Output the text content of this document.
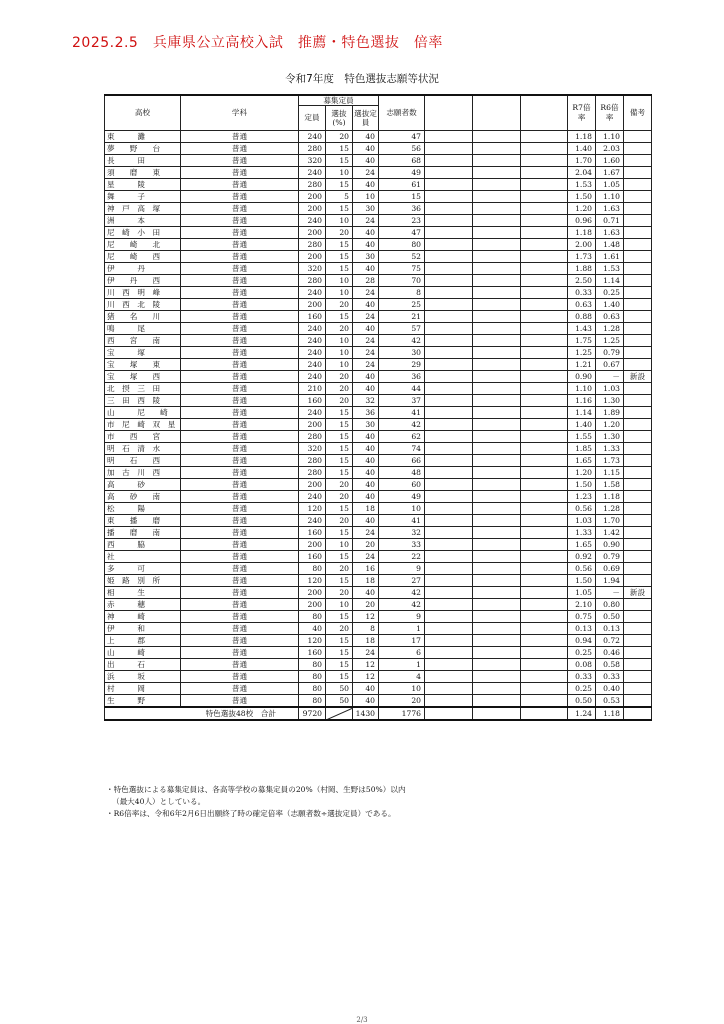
2025.2.5　兵庫県公立高校入試　推薦・特色選抜　倍率
令和7年度　特色選抜志願等状況
高校	学科	募集定員			志願者数				R7倍率	R6倍率	備考
		定員	選抜(%)	選抜定員							
東　　　灘	普通	240	20	40	47				1.18	1.10	
夢　　野　　台	普通	280	15	40	56				1.40	2.03	
長　　　田	普通	320	15	40	68				1.70	1.60	
須　　磨　　東	普通	240	10	24	49				2.04	1.67	
星　　　陵	普通	280	15	40	61				1.53	1.05	
舞　　　子	普通	200	5	10	15				1.50	1.10	
神　戸　高　塚	普通	200	15	30	36				1.20	1.63	
洲　　　本	普通	240	10	24	23				0.96	0.71	
尼　崎　小　田	普通	200	20	40	47				1.18	1.63	
尼　　崎　　北	普通	280	15	40	80				2.00	1.48	
尼　　崎　　西	普通	200	15	30	52				1.73	1.61	
伊　　　丹	普通	320	15	40	75				1.88	1.53	
伊　　丹　　西	普通	280	10	28	70				2.50	1.14	
川　西　明　峰	普通	240	10	24	8				0.33	0.25	
川　西　北　陵	普通	200	20	40	25				0.63	1.40	
猪　　名　　川	普通	160	15	24	21				0.88	0.63	
鳴　　　尾	普通	240	20	40	57				1.43	1.28	
西　　宮　　南	普通	240	10	24	42				1.75	1.25	
宝　　　塚	普通	240	10	24	30				1.25	0.79	
宝　　塚　　東	普通	240	10	24	29				1.21	0.67	
宝　　塚　　西	普通	240	20	40	36				0.90	－	新設
北　摂　三　田	普通	210	20	40	44				1.10	1.03	
三　田　西　陵	普通	160	20	32	37				1.16	1.30	
山　　　尼　　崎	普通	240	15	36	41				1.14	1.89	
市　尼　崎　双　星	普通	200	15	30	42				1.40	1.20	
市　　西　　宮	普通	280	15	40	62				1.55	1.30	
明　石　清　水	普通	320	15	40	74				1.85	1.33	
明　　石　　西	普通	280	15	40	66				1.65	1.73	
加　古　川　西	普通	280	15	40	48				1.20	1.15	
高　　　砂	普通	200	20	40	60				1.50	1.58	
高　　砂　　南	普通	240	20	40	49				1.23	1.18	
松　　　陽	普通	120	15	18	10				0.56	1.28	
東　　播　　磨	普通	240	20	40	41				1.03	1.70	
播　　磨　　南	普通	160	15	24	32				1.33	1.42	
西　　　脇	普通	200	10	20	33				1.65	0.90	
社	普通	160	15	24	22				0.92	0.79	
多　　　可	普通	80	20	16	9				0.56	0.69	
姫　路　別　所	普通	120	15	18	27				1.50	1.94	
相　　　生	普通	200	20	40	42				1.05	－	新設
赤　　　穂	普通	200	10	20	42				2.10	0.80	
神　　　崎	普通	80	15	12	9				0.75	0.50	
伊　　　和	普通	40	20	8	1				0.13	0.13	
上　　　郡	普通	120	15	18	17				0.94	0.72	
山　　　崎	普通	160	15	24	6				0.25	0.46	
出　　　石	普通	80	15	12	1				0.08	0.58	
浜　　　坂	普通	80	15	12	4				0.33	0.33	
村　　　岡	普通	80	50	40	10				0.25	0.40	
生　　　野	普通	80	50	40	20				0.50	0.53	
特色選抜48校　合計		9720		1430	1776				1.24	1.18	
・特色選抜による募集定員は、各高等学校の募集定員の20%（村岡、生野は50%）以内
（最大40人）としている。
・R6倍率は、令和6年2月6日出願終了時の確定倍率（志願者数÷選抜定員）である。
2/3
